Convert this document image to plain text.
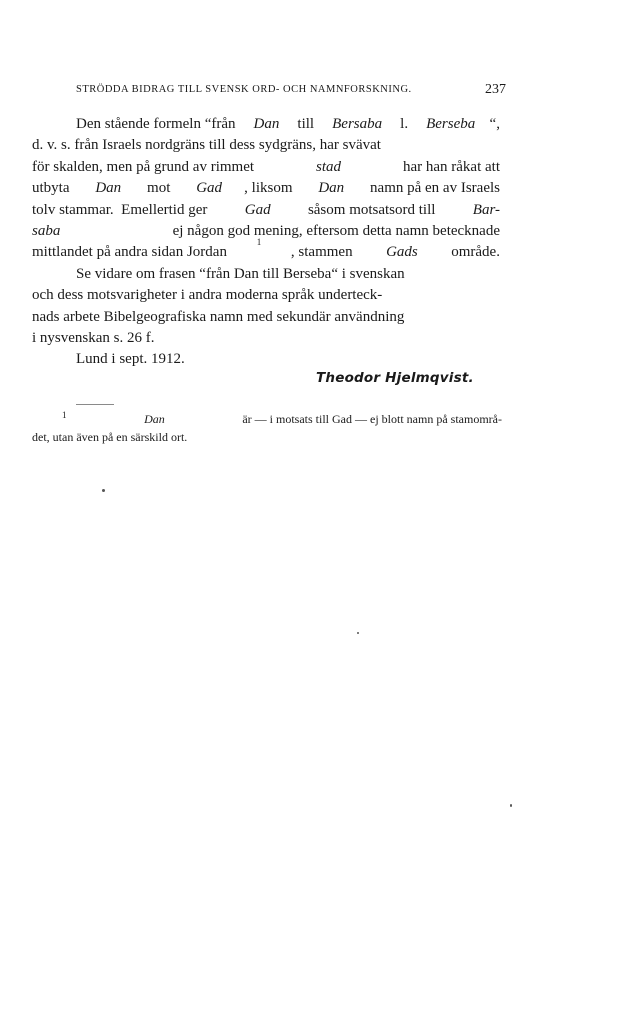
STRÖDDA BIDRAG TILL SVENSK ORD- OCH NAMNFORSKNING.	237
Den stående formeln “från Dan till Bersaba l. Berseba “,
d. v. s. från Israels nordgräns till dess sydgräns, har svävat
för skalden, men på grund av rimmet	stad	har han råkat att
utbyta Dan mot Gad , liksom Dan namn på en av Israels
tolv stammar.  Emellertid ger Gad såsom motsatsord till Bar-
saba	ej någon god mening, eftersom detta namn betecknade
mittlandet på andra sidan Jordan
1
, stammen Gads område.
Se vidare om frasen “från Dan till Berseba“ i svenskan
och dess motsvarigheter i andra moderna språk underteck-
nads arbete Bibelgeografiska namn med sekundär användning
i nysvenskan s. 26 f.
Lund i sept. 1912.
Theodor Hjelmqvist.
$^1$	Dan	är — i motsats till Gad — ej blott namn på stamområ-
det, utan även på en särskild ort.
